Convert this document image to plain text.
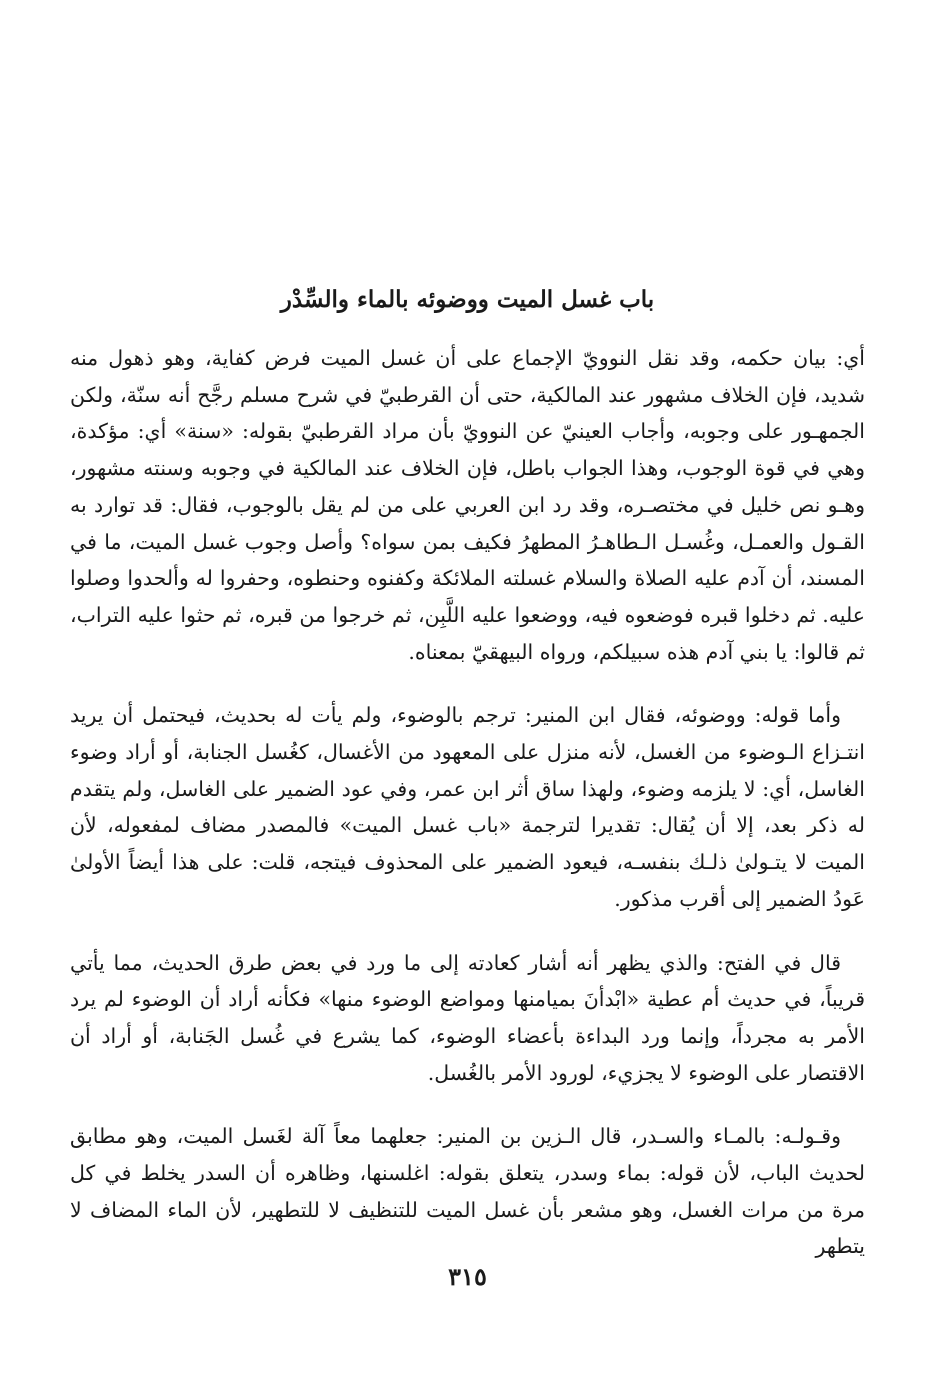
باب غسل الميت ووضوئه بالماء والسِّدْر

أي: بيان حكمه، وقد نقل النوويّ الإجماع على أن غسل الميت فرض كفاية، وهو ذهول منه شديد، فإن الخلاف مشهور عند المالكية، حتى أن القرطبيّ في شرح مسلم رجَّح أنه سنّة، ولكن الجمهـور على وجوبه، وأجاب العينيّ عن النوويّ بأن مراد القرطبيّ بقوله: «سنة» أي: مؤكدة، وهي في قوة الوجوب، وهذا الجواب باطل، فإن الخلاف عند المالكية في وجوبه وسنته مشهور، وهـو نص خليل في مختصـره، وقد رد ابن العربي على من لم يقل بالوجوب، فقال: قد توارد به القـول والعمـل، وغُسـل الـطاهـرُ المطهرُ فكيف بمن سواه؟ وأصل وجوب غسل الميت، ما في المسند، أن آدم عليه الصلاة والسلام غسلته الملائكة وكفنوه وحنطوه، وحفروا له وألحدوا وصلوا عليه. ثم دخلوا قبره فوضعوه فيه، ووضعوا عليه اللَّبِن، ثم خرجوا من قبره، ثم حثوا عليه التراب، ثم قالوا: يا بني آدم هذه سبيلكم، ورواه البيهقيّ بمعناه.

وأما قوله: ووضوئه، فقال ابن المنير: ترجم بالوضوء، ولم يأت له بحديث، فيحتمل أن يريد انتـزاع الـوضوء من الغسل، لأنه منزل على المعهود من الأغسال، كغُسل الجنابة، أو أراد وضوء الغاسل، أي: لا يلزمه وضوء، ولهذا ساق أثر ابن عمر، وفي عود الضمير على الغاسل، ولم يتقدم له ذكر بعد، إلا أن يُقال: تقديرا لترجمة «باب غسل الميت» فالمصدر مضاف لمفعوله، لأن الميت لا يتـولىٰ ذلـك بنفسـه، فيعود الضمير على المحذوف فيتجه، قلت: على هذا أيضاً الأولىٰ عَودُ الضمير إلى أقرب مذكور.

قال في الفتح: والذي يظهر أنه أشار كعادته إلى ما ورد في بعض طرق الحديث، مما يأتي قريباً، في حديث أم عطية «ابْدأنَ بميامنها ومواضع الوضوء منها» فكأنه أراد أن الوضوء لم يرد الأمر به مجرداً، وإنما ورد البداءة بأعضاء الوضوء، كما يشرع في غُسل الجَنابة، أو أراد أن الاقتصار على الوضوء لا يجزيء، لورود الأمر بالغُسل.

وقـولـه: بالمـاء والسـدر، قال الـزين بن المنير: جعلهما معاً آلة لغَسل الميت، وهو مطابق لحديث الباب، لأن قوله: بماء وسدر، يتعلق بقوله: اغلسنها، وظاهره أن السدر يخلط في كل مرة من مرات الغسل، وهو مشعر بأن غسل الميت للتنظيف لا للتطهير، لأن الماء المضاف لا يتطهر

٣١٥
